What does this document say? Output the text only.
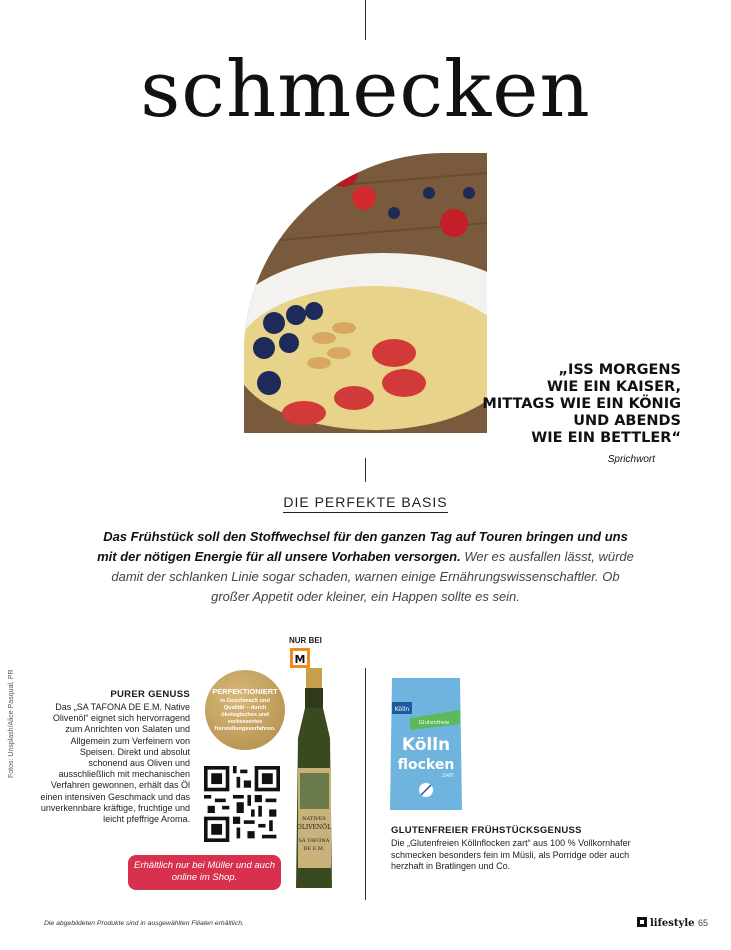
schmecken
„ISS MORGENS
WIE EIN KAISER,
MITTAGS WIE EIN KÖNIG
UND ABENDS
WIE EIN BETTLER“
Sprichwort
DIE PERFEKTE BASIS

Das Frühstück soll den Stoffwechsel für den ganzen Tag auf Touren bringen und uns mit der nötigen Energie für all unsere Vorhaben versorgen. Wer es ausfallen lässt, würde damit der schlanken Linie sogar schaden, warnen einige Ernährungswissenschaftler. Ob großer Appetit oder kleiner, ein Happen sollte es sein.

Fotos: Unsplash/Alice Pasqual, PR	PURER GENUSS

Das „SA TAFONA DE E.M. Native Olivenöl“ eignet sich hervorragend zum Anrichten von Salaten und Allgemein zum Verfeinern von Speisen. Direkt und absolut schonend aus Oliven und ausschließlich mit mechanischen Verfahren gewonnen, erhält das Öl einen intensiven Geschmack und das unverkennbare kräftige, fruchtige und leicht pfeffrige Aroma.

PERFEKTIONIERT
in Geschmack und Qualität – durch ökologisches und verbessertes Herstellungsverfahren.
NATIVES
OLIVENÖL
SA TAFONA
DE E.M.
M
NUR BEI
Erhältlich nur bei Müller und auch online im Shop.
Kölln
Glutenfreie
Kölln
flocken
ZART
GLUTENFREIER FRÜHSTÜCKSGENUSS

Die „Glutenfreien Köllnflocken zart“ aus 100 % Vollkornhafer schmecken besonders fein im Müsli, als Porridge oder auch herzhaft in Bratlingen und Co.

Die abgebildeten Produkte sind in ausgewählten Filialen erhältlich.	lifestyle 65
